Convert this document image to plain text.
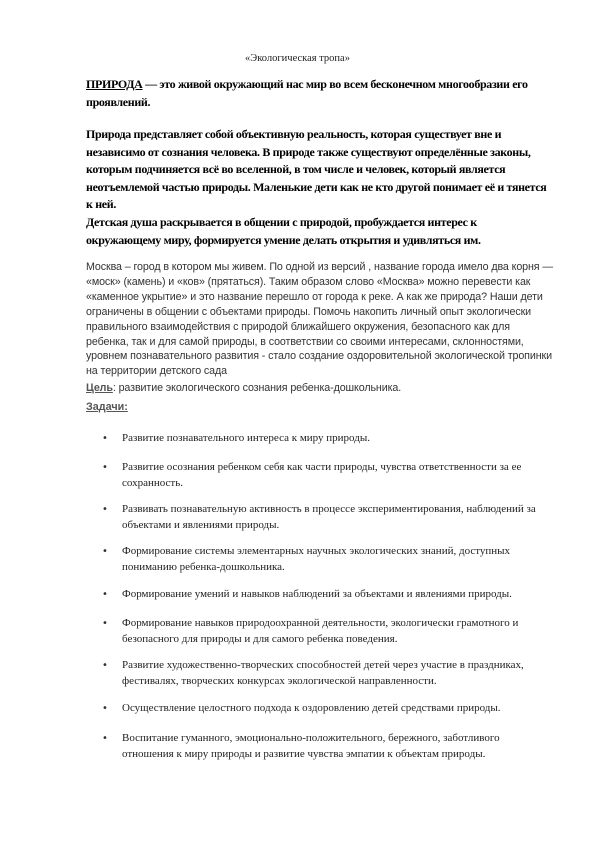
«Экологическая тропа»
ПРИРОДА — это живой окружающий нас мир во всем бесконечном многообразии его проявлений.
Природа представляет собой объективную реальность, которая существует вне и независимо от сознания человека. В природе также существуют определённые законы, которым подчиняется всё во вселенной, в том числе и человек, который является неотъемлемой частью природы. Маленькие дети как не кто другой понимает её и тянется к ней.
Детская душа раскрывается в общении с природой, пробуждается интерес к окружающему миру, формируется умение делать открытия и удивляться им.
Москва – город в котором мы живем. По одной из версий , название города имело два корня — «моск» (камень) и «ков» (прятаться). Таким образом слово «Москва» можно перевести как «каменное укрытие» и это название перешло от города к реке. А как же природа? Наши дети ограничены в общении с объектами природы. Помочь накопить личный опыт экологически правильного взаимодействия с природой ближайшего окружения, безопасного как для ребенка, так и для самой природы, в соответствии со своими интересами, склонностями, уровнем познавательного развития - стало создание оздоровительной экологической тропинки на территории детского сада
Цель: развитие экологического сознания ребенка-дошкольника.
Задачи:
•	Развитие познавательного интереса к миру природы.
•	Развитие осознания ребенком себя как части природы, чувства ответственности за ее сохранность.
•	Развивать познавательную активность в процессе экспериментирования, наблюдений за объектами и явлениями природы.
•	Формирование системы элементарных научных экологических знаний, доступных пониманию ребенка-дошкольника.
•	Формирование умений и навыков наблюдений за объектами и явлениями природы.
•	Формирование навыков природоохранной деятельности, экологически грамотного и безопасного для природы и для самого ребенка поведения.
•	Развитие художественно-творческих способностей детей через участие в праздниках, фестивалях, творческих конкурсах экологической направленности.
•	Осуществление целостного подхода к оздоровлению детей средствами природы.
•	Воспитание гуманного, эмоционально-положительного, бережного, заботливого отношения к миру природы и развитие чувства эмпатии к объектам природы.
